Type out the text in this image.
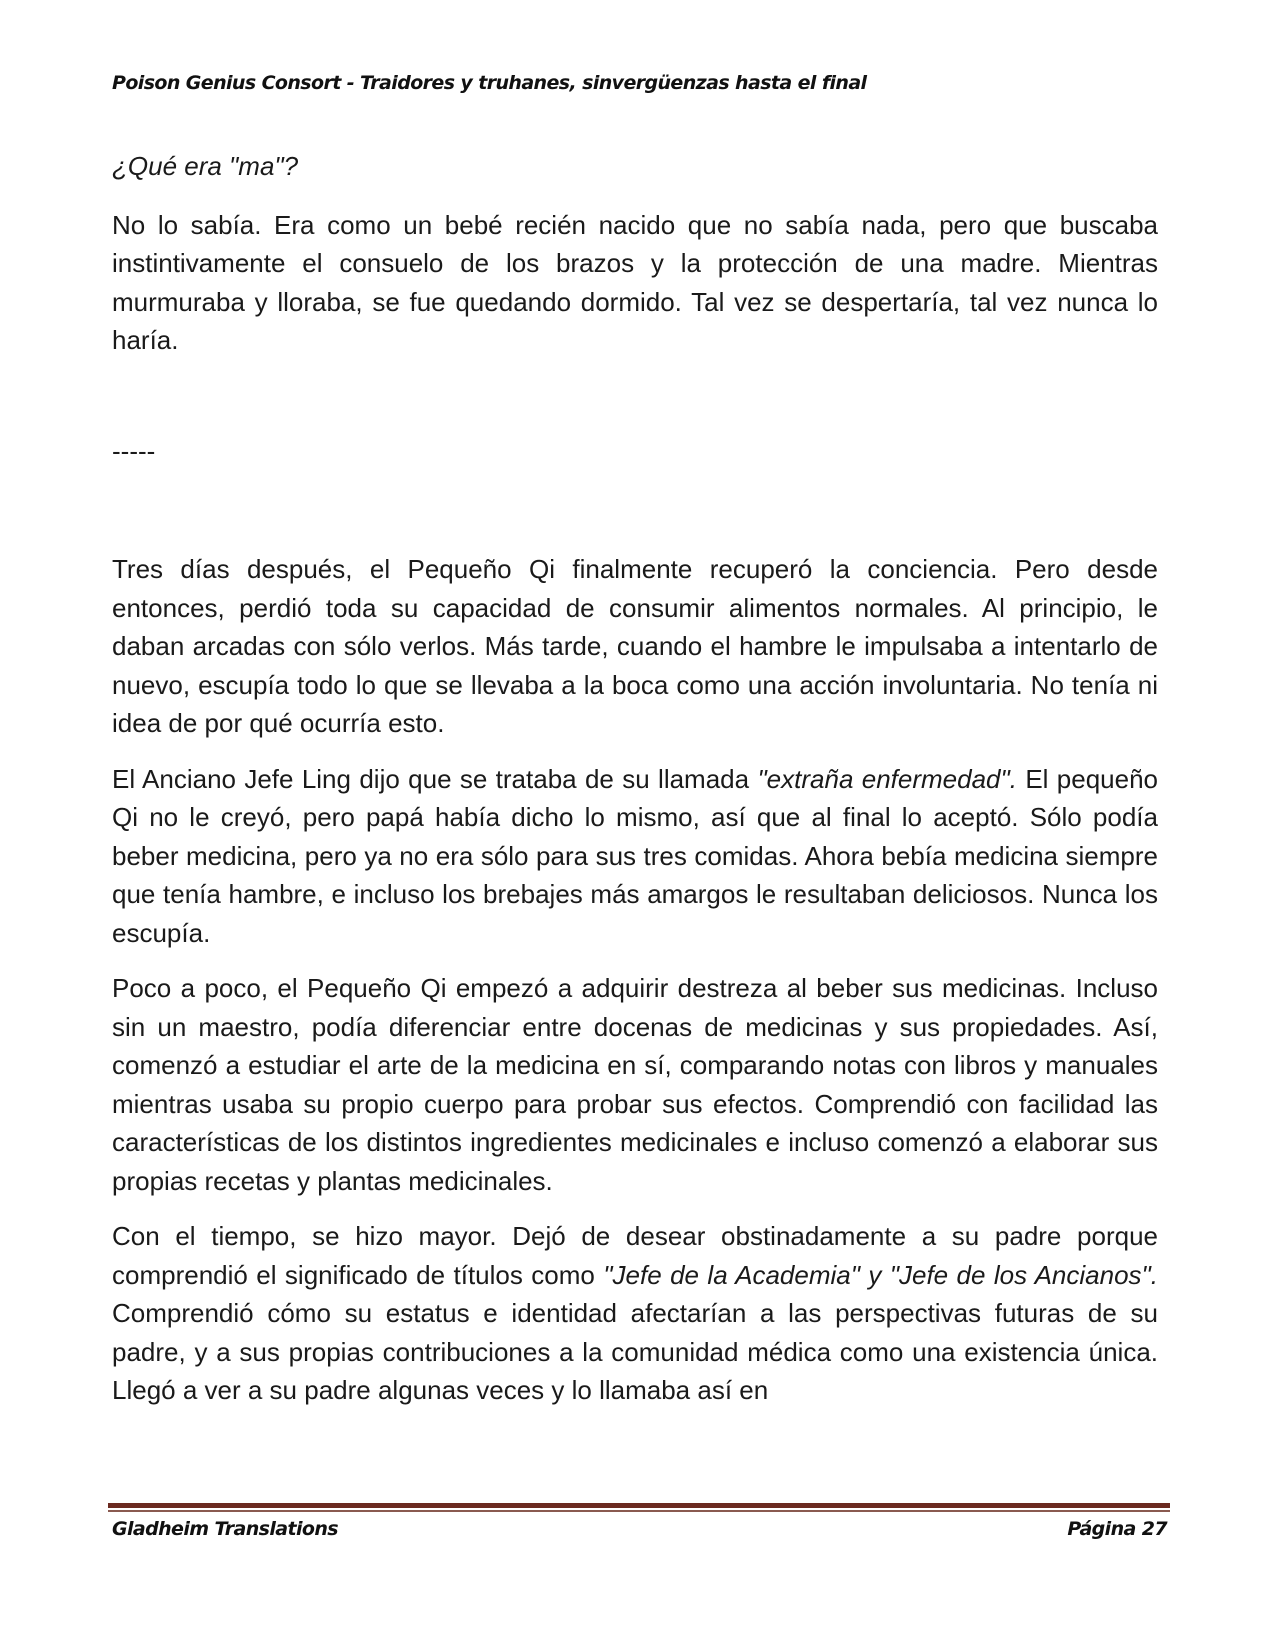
Poison Genius Consort - Traidores y truhanes, sinvergüenzas hasta el final

¿Qué era "ma"?

No lo sabía. Era como un bebé recién nacido que no sabía nada, pero que buscaba instintivamente el consuelo de los brazos y la protección de una madre. Mientras murmuraba y lloraba, se fue quedando dormido. Tal vez se despertaría, tal vez nunca lo haría.

-----

Tres días después, el Pequeño Qi finalmente recuperó la conciencia. Pero desde entonces, perdió toda su capacidad de consumir alimentos normales. Al principio, le daban arcadas con sólo verlos. Más tarde, cuando el hambre le impulsaba a intentarlo de nuevo, escupía todo lo que se llevaba a la boca como una acción involuntaria. No tenía ni idea de por qué ocurría esto.

El Anciano Jefe Ling dijo que se trataba de su llamada "extraña enfermedad". El pequeño Qi no le creyó, pero papá había dicho lo mismo, así que al final lo aceptó. Sólo podía beber medicina, pero ya no era sólo para sus tres comidas. Ahora bebía medicina siempre que tenía hambre, e incluso los brebajes más amargos le resultaban deliciosos. Nunca los escupía.

Poco a poco, el Pequeño Qi empezó a adquirir destreza al beber sus medicinas. Incluso sin un maestro, podía diferenciar entre docenas de medicinas y sus propiedades. Así, comenzó a estudiar el arte de la medicina en sí, comparando notas con libros y manuales mientras usaba su propio cuerpo para probar sus efectos. Comprendió con facilidad las características de los distintos ingredientes medicinales e incluso comenzó a elaborar sus propias recetas y plantas medicinales.

Con el tiempo, se hizo mayor. Dejó de desear obstinadamente a su padre porque comprendió el significado de títulos como "Jefe de la Academia" y "Jefe de los Ancianos". Comprendió cómo su estatus e identidad afectarían a las perspectivas futuras de su padre, y a sus propias contribuciones a la comunidad médica como una existencia única. Llegó a ver a su padre algunas veces y lo llamaba así en

Gladheim Translations	Página 27
